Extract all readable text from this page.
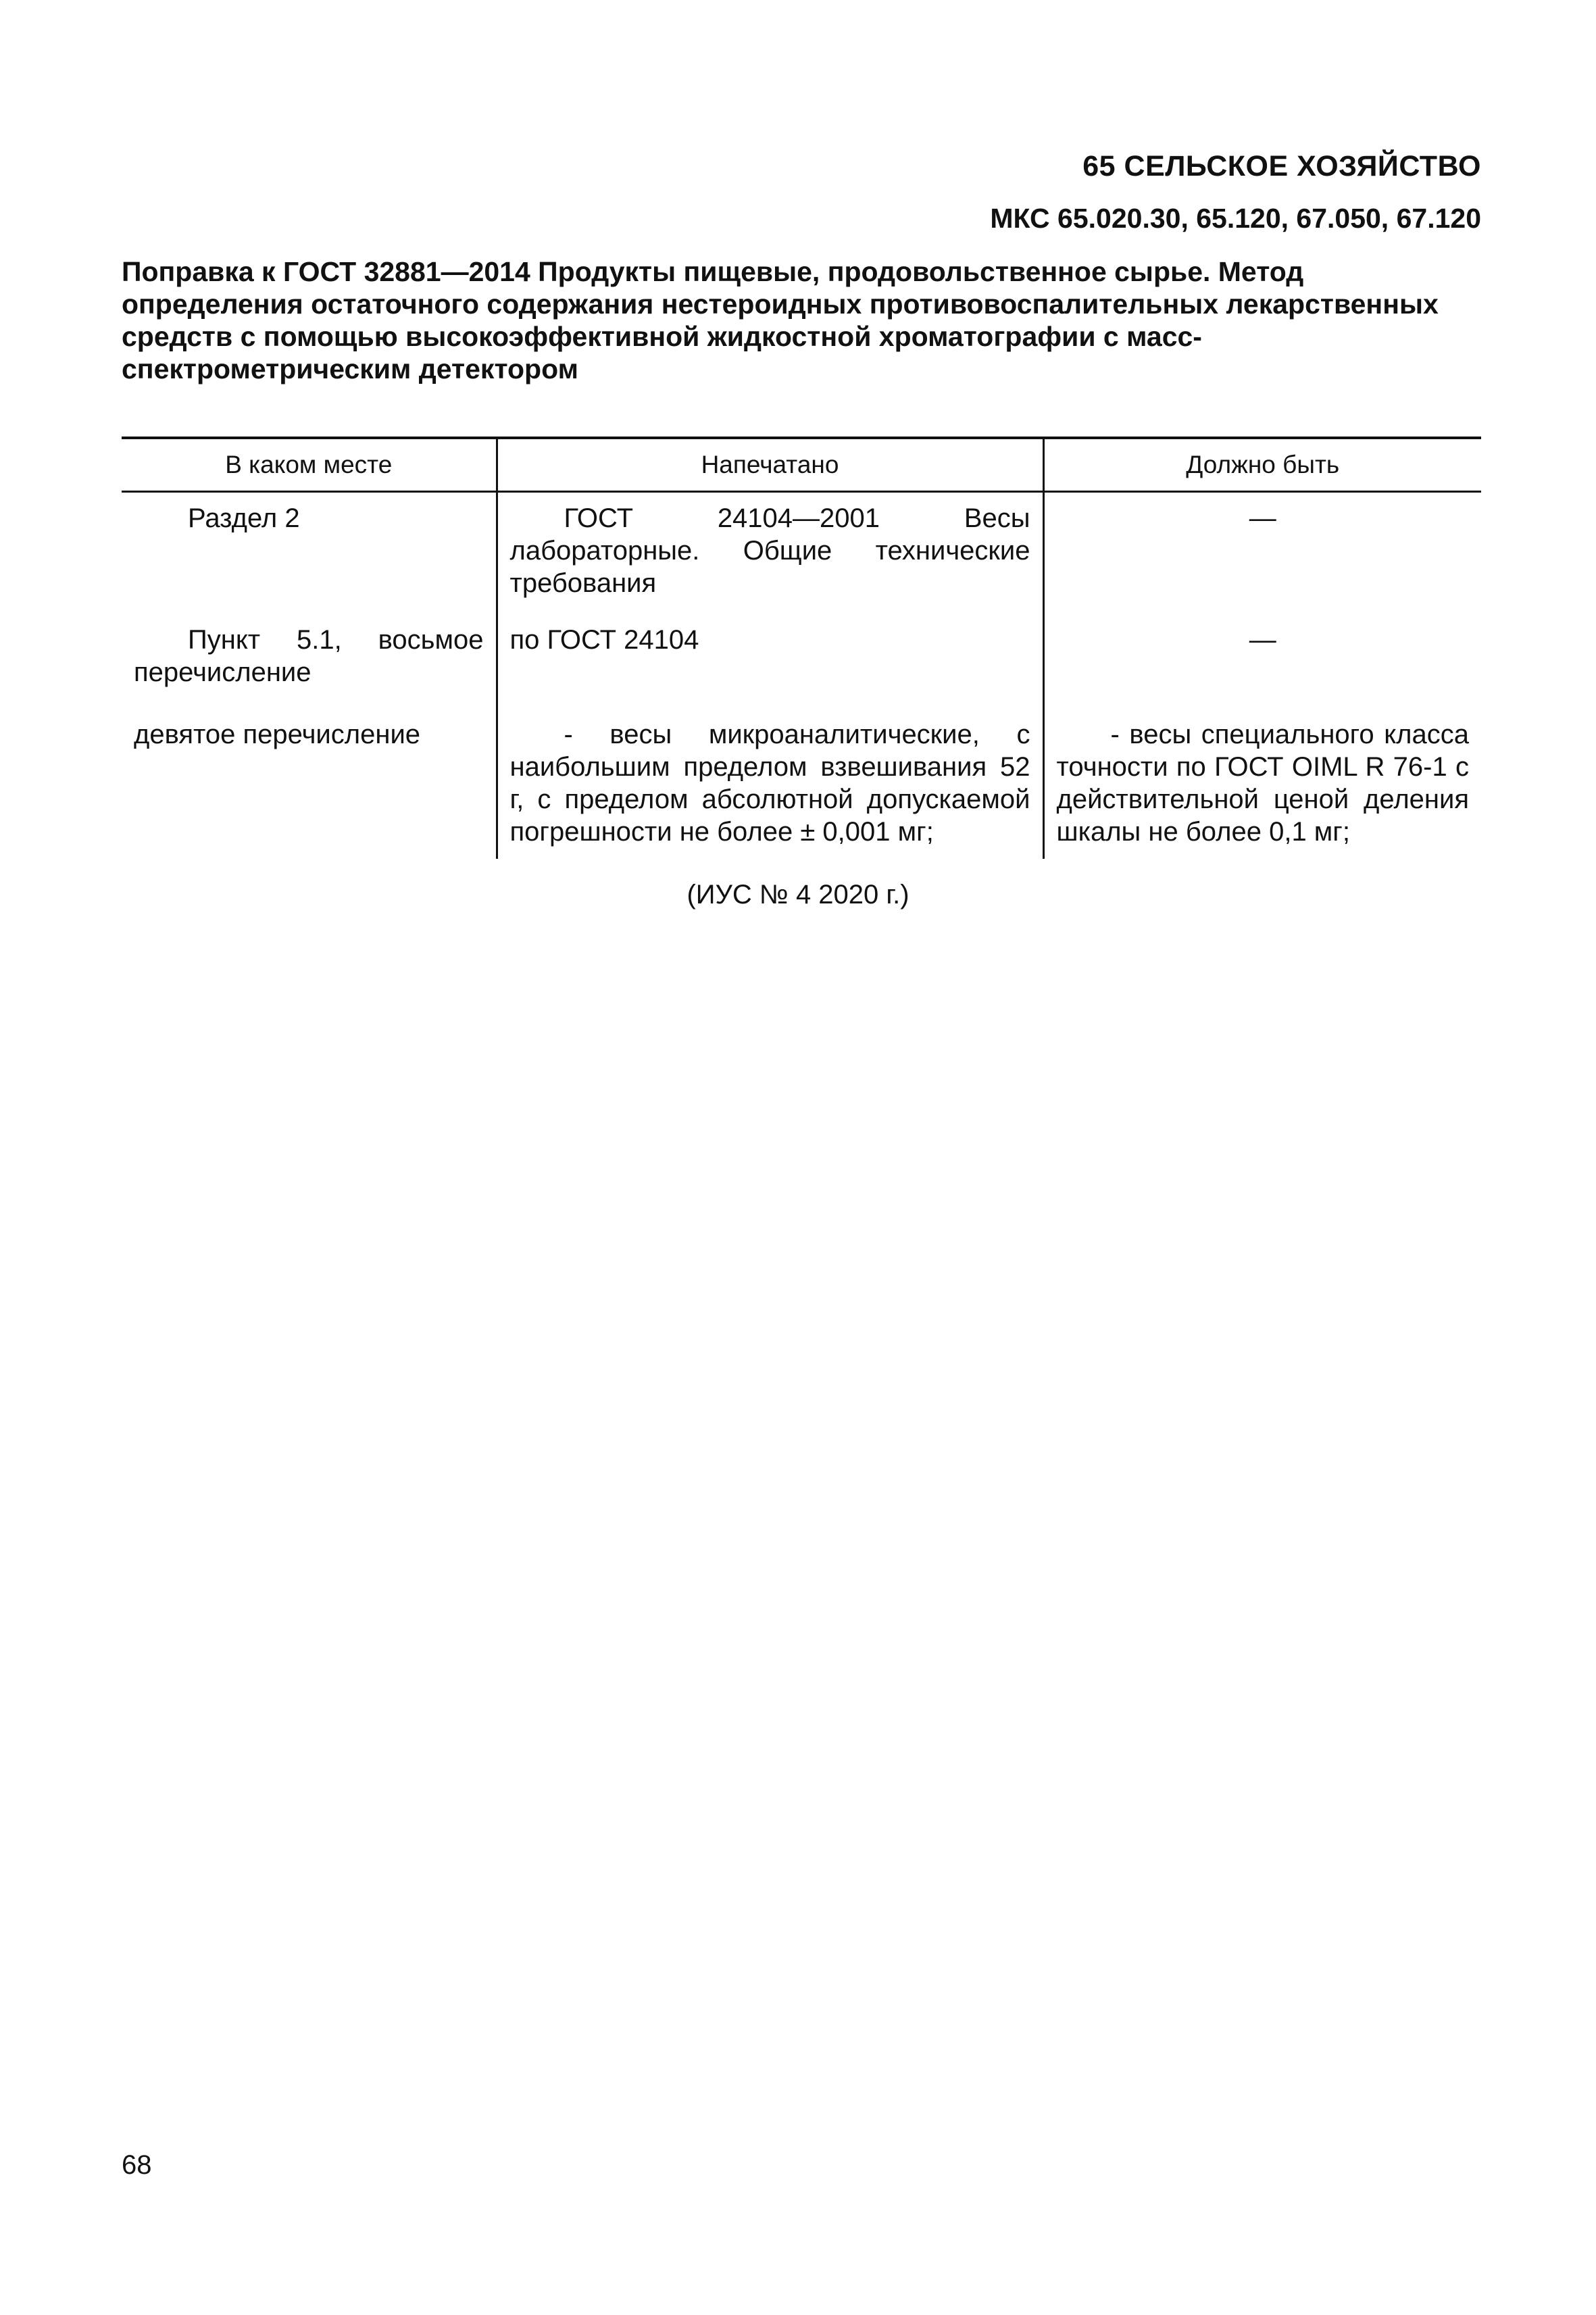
65 СЕЛЬСКОЕ ХОЗЯЙСТВО
МКС 65.020.30, 65.120, 67.050, 67.120
Поправка к ГОСТ 32881—2014 Продукты пищевые, продовольственное сырье. Метод определения остаточного содержания нестероидных противовоспалительных лекарственных средств с помощью высокоэффективной жидкостной хроматографии с масс-спектрометрическим детектором
В каком месте	Напечатано	Должно быть
Раздел 2	ГОСТ 24104—2001 Весы лабораторные. Общие технические требования	—
Пункт 5.1, восьмое перечисление	по ГОСТ 24104	—
девятое перечисление	- весы микроаналитические, с наибольшим пределом взвешивания 52 г, с пределом абсолютной допускаемой погрешности не более ± 0,001 мг;	- весы специального класса точности по ГОСТ OIML R 76-1 с действительной ценой деления шкалы не более 0,1 мг;
(ИУС № 4 2020 г.)
68
